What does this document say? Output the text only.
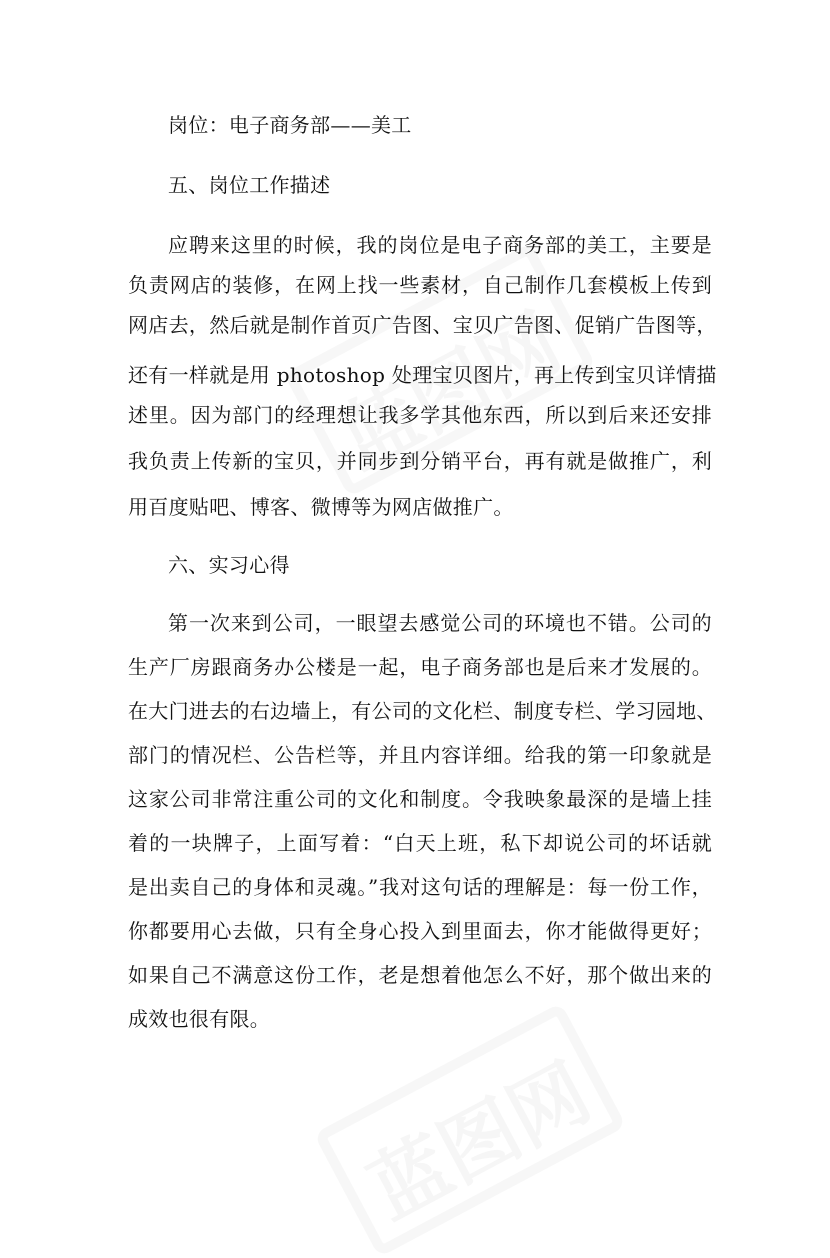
岗位：电子商务部——美工
五、岗位工作描述
应聘来这里的时候，我的岗位是电子商务部的美工，主要是
负责网店的装修，在网上找一些素材，自己制作几套模板上传到
网店去，然后就是制作首页广告图、宝贝广告图、促销广告图等，
还有一样就是用 photoshop 处理宝贝图片，再上传到宝贝详情描
述里。因为部门的经理想让我多学其他东西，所以到后来还安排
我负责上传新的宝贝，并同步到分销平台，再有就是做推广，利
用百度贴吧、博客、微博等为网店做推广。
六、实习心得
第一次来到公司，一眼望去感觉公司的环境也不错。公司的
生产厂房跟商务办公楼是一起，电子商务部也是后来才发展的。
在大门进去的右边墙上，有公司的文化栏、制度专栏、学习园地、
部门的情况栏、公告栏等，并且内容详细。给我的第一印象就是
这家公司非常注重公司的文化和制度。令我映象最深的是墙上挂
着的一块牌子，上面写着：“白天上班，私下却说公司的坏话就
是出卖自己的身体和灵魂。”我对这句话的理解是：每一份工作，
你都要用心去做，只有全身心投入到里面去，你才能做得更好；
如果自己不满意这份工作，老是想着他怎么不好，那个做出来的
成效也很有限。
